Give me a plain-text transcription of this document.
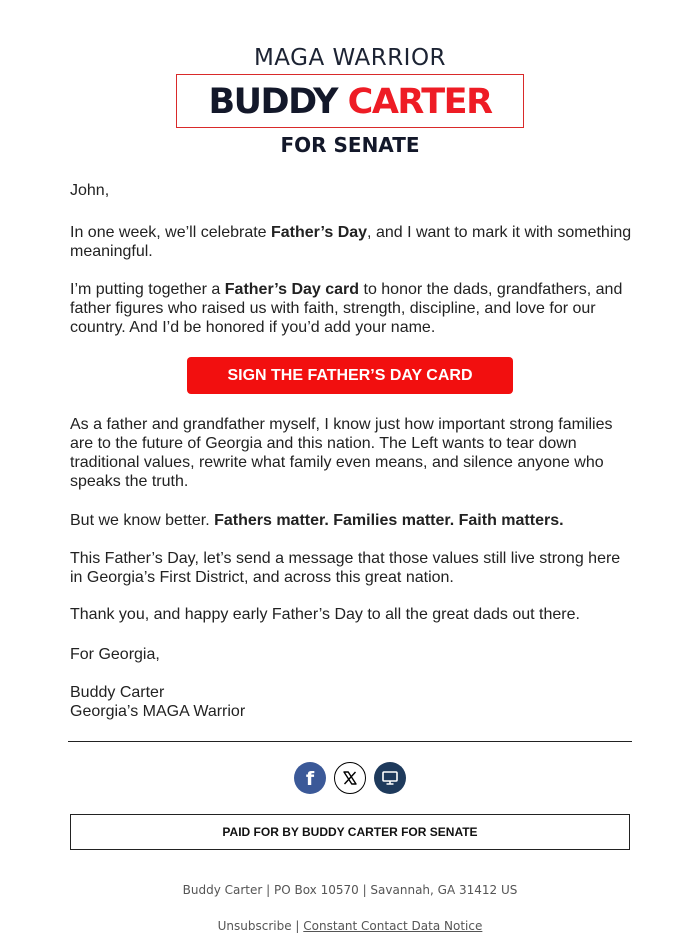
MAGA WARRIOR
BUDDY CARTER
FOR SENATE

John,

In one week, we’ll celebrate Father’s Day, and I want to mark it with something meaningful.

I’m putting together a Father’s Day card to honor the dads, grandfathers, and father figures who raised us with faith, strength, discipline, and love for our country. And I’d be honored if you’d add your name.

As a father and grandfather myself, I know just how important strong families are to the future of Georgia and this nation. The Left wants to tear down traditional values, rewrite what family even means, and silence anyone who speaks the truth.

But we know better. Fathers matter. Families matter. Faith matters.

This Father’s Day, let’s send a message that those values still live strong here in Georgia’s First District, and across this great nation.

Thank you, and happy early Father’s Day to all the great dads out there.

For Georgia,

Buddy Carter

Georgia’s MAGA Warrior

SIGN THE FATHER’S DAY CARD
f
PAID FOR BY BUDDY CARTER FOR SENATE
Buddy Carter | PO Box 10570 | Savannah, GA 31412 US
Unsubscribe | Constant Contact Data Notice
